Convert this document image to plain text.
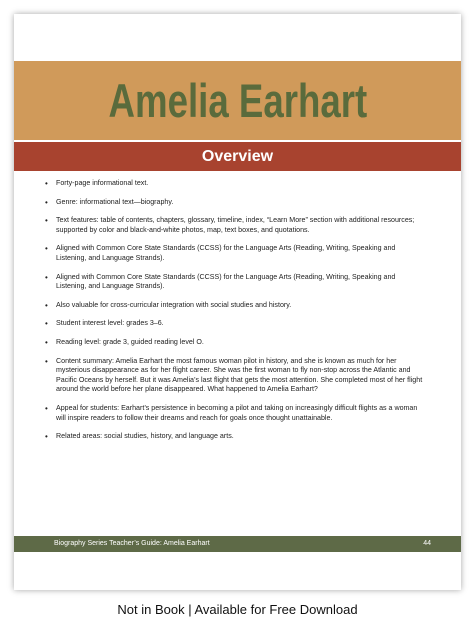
Amelia Earhart
Overview
• Forty-page informational text.
• Genre: informational text—biography.
• Text features: table of contents, chapters, glossary, timeline, index, “Learn More” section with additional resources; supported by color and black-and-white photos, map, text boxes, and quotations.
• Aligned with Common Core State Standards (CCSS) for the Language Arts (Reading, Writing, Speaking and Listening, and Language Strands).
• Aligned with Common Core State Standards (CCSS) for the Language Arts (Reading, Writing, Speaking and Listening, and Language Strands).
• Also valuable for cross-curricular integration with social studies and history.
• Student interest level: grades 3–6.
• Reading level: grade 3, guided reading level O.
• Content summary: Amelia Earhart the most famous woman pilot in history, and she is known as much for her mysterious disappearance as for her flight career. She was the first woman to fly non-stop across the Atlantic and Pacific Oceans by herself. But it was Amelia’s last flight that gets the most attention. She completed most of her flight around the world before her plane disappeared. What happened to Amelia Earhart?
• Appeal for students: Earhart’s persistence in becoming a pilot and taking on increasingly difficult flights as a woman will inspire readers to follow their dreams and reach for goals once thought unattainable.
• Related areas: social studies, history, and language arts.
Biography Series Teacher’s Guide: Amelia Earhart	44
Not in Book | Available for Free Download
